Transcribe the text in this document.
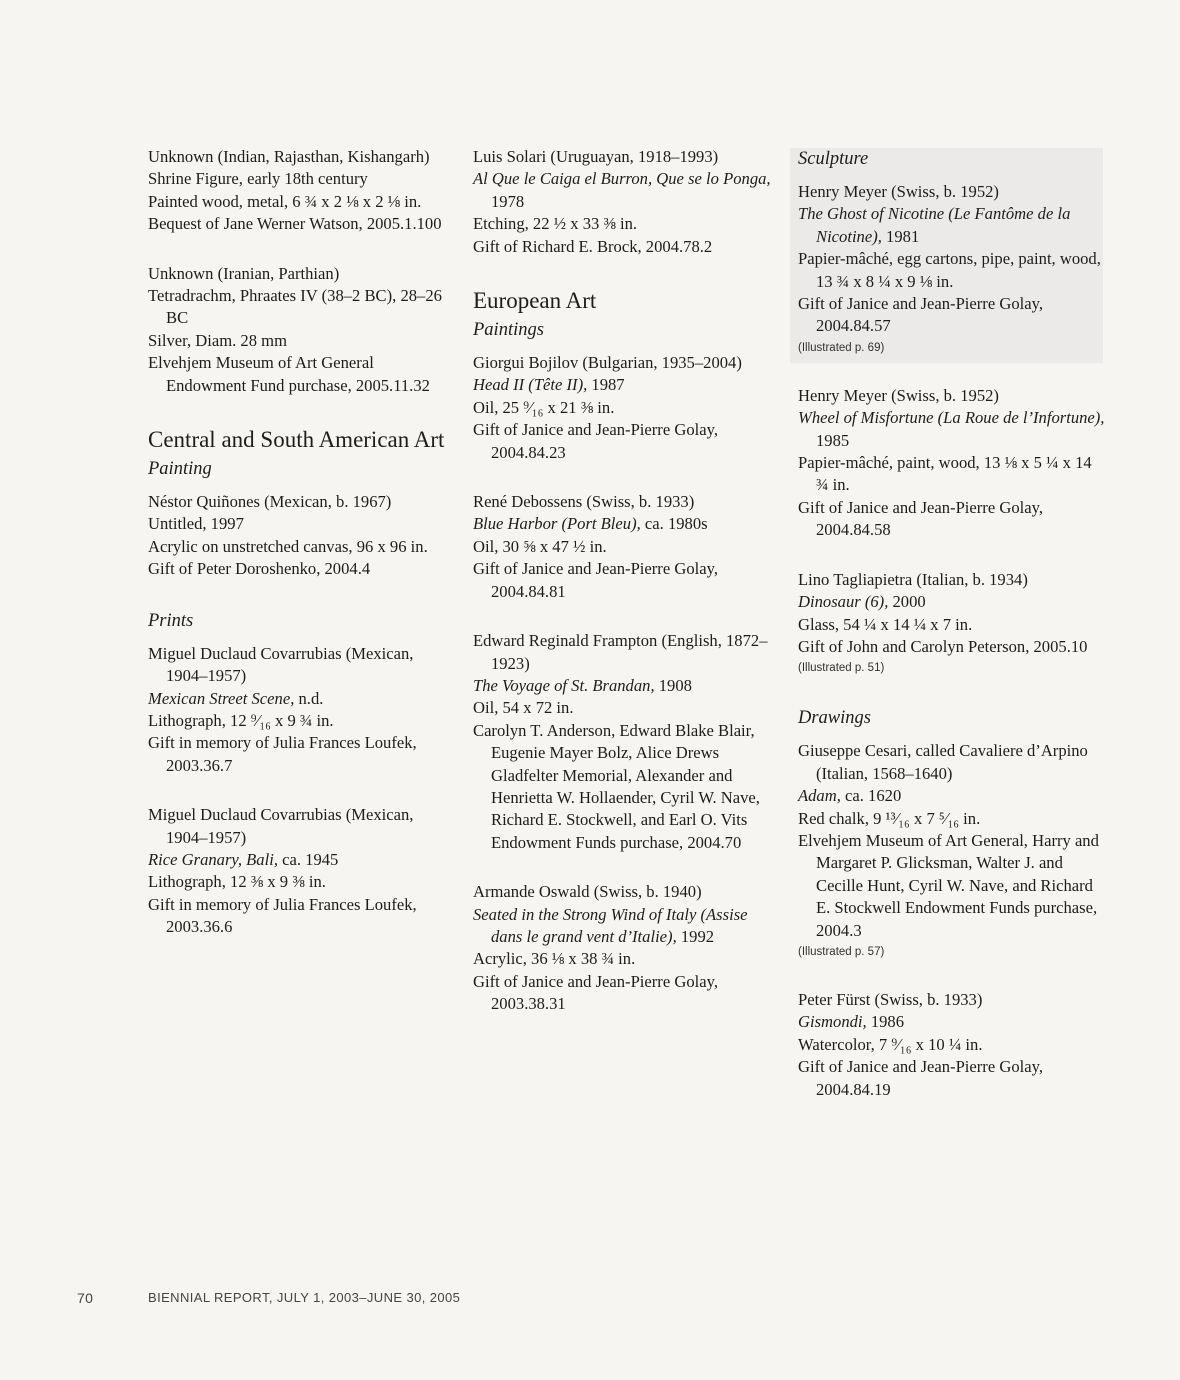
Unknown (Indian, Rajasthan, Kishangarh)
Shrine Figure, early 18th century
Painted wood, metal, 6 ¾ x 2 ⅛ x 2 ⅛ in.
Bequest of Jane Werner Watson, 2005.1.100
Unknown (Iranian, Parthian)
Tetradrachm, Phraates IV (38–2 BC), 28–26 BC
Silver, Diam. 28 mm
Elvehjem Museum of Art General Endowment Fund purchase, 2005.11.32
Central and South American Art
Painting
Néstor Quiñones (Mexican, b. 1967)
Untitled, 1997
Acrylic on unstretched canvas, 96 x 96 in.
Gift of Peter Doroshenko, 2004.4
Prints
Miguel Duclaud Covarrubias (Mexican, 1904–1957)
Mexican Street Scene, n.d.
Lithograph, 12 ⁹⁄₁₆ x 9 ¾ in.
Gift in memory of Julia Frances Loufek, 2003.36.7
Miguel Duclaud Covarrubias (Mexican, 1904–1957)
Rice Granary, Bali, ca. 1945
Lithograph, 12 ⅜ x 9 ⅜ in.
Gift in memory of Julia Frances Loufek, 2003.36.6
Luis Solari (Uruguayan, 1918–1993)
Al Que le Caiga el Burron, Que se lo Ponga, 1978
Etching, 22 ½ x 33 ⅜ in.
Gift of Richard E. Brock, 2004.78.2
European Art
Paintings
Giorgui Bojilov (Bulgarian, 1935–2004)
Head II (Tête II), 1987
Oil, 25 ⁹⁄₁₆ x 21 ⅜ in.
Gift of Janice and Jean-Pierre Golay, 2004.84.23
René Debossens (Swiss, b. 1933)
Blue Harbor (Port Bleu), ca. 1980s
Oil, 30 ⅝ x 47 ½ in.
Gift of Janice and Jean-Pierre Golay, 2004.84.81
Edward Reginald Frampton (English, 1872–1923)
The Voyage of St. Brandan, 1908
Oil, 54 x 72 in.
Carolyn T. Anderson, Edward Blake Blair, Eugenie Mayer Bolz, Alice Drews Gladfelter Memorial, Alexander and Henrietta W. Hollaender, Cyril W. Nave, Richard E. Stockwell, and Earl O. Vits Endowment Funds purchase, 2004.70
Armande Oswald (Swiss, b. 1940)
Seated in the Strong Wind of Italy (Assise dans le grand vent d’Italie), 1992
Acrylic, 36 ⅛ x 38 ¾ in.
Gift of Janice and Jean-Pierre Golay, 2003.38.31
Sculpture
Henry Meyer (Swiss, b. 1952)
The Ghost of Nicotine (Le Fantôme de la Nicotine), 1981
Papier-mâché, egg cartons, pipe, paint, wood, 13 ¾ x 8 ¼ x 9 ⅛ in.
Gift of Janice and Jean-Pierre Golay, 2004.84.57
(Illustrated p. 69)
Henry Meyer (Swiss, b. 1952)
Wheel of Misfortune (La Roue de l’Infortune), 1985
Papier-mâché, paint, wood, 13 ⅛ x 5 ¼ x 14 ¾ in.
Gift of Janice and Jean-Pierre Golay, 2004.84.58
Lino Tagliapietra (Italian, b. 1934)
Dinosaur (6), 2000
Glass, 54 ¼ x 14 ¼ x 7 in.
Gift of John and Carolyn Peterson, 2005.10
(Illustrated p. 51)
Drawings
Giuseppe Cesari, called Cavaliere d’Arpino (Italian, 1568–1640)
Adam, ca. 1620
Red chalk, 9 ¹³⁄₁₆ x 7 ⁵⁄₁₆ in.
Elvehjem Museum of Art General, Harry and Margaret P. Glicksman, Walter J. and Cecille Hunt, Cyril W. Nave, and Richard E. Stockwell Endowment Funds purchase, 2004.3
(Illustrated p. 57)
Peter Fürst (Swiss, b. 1933)
Gismondi, 1986
Watercolor, 7 ⁹⁄₁₆ x 10 ¼ in.
Gift of Janice and Jean-Pierre Golay, 2004.84.19
70	BIENNIAL REPORT, JULY 1, 2003–JUNE 30, 2005
